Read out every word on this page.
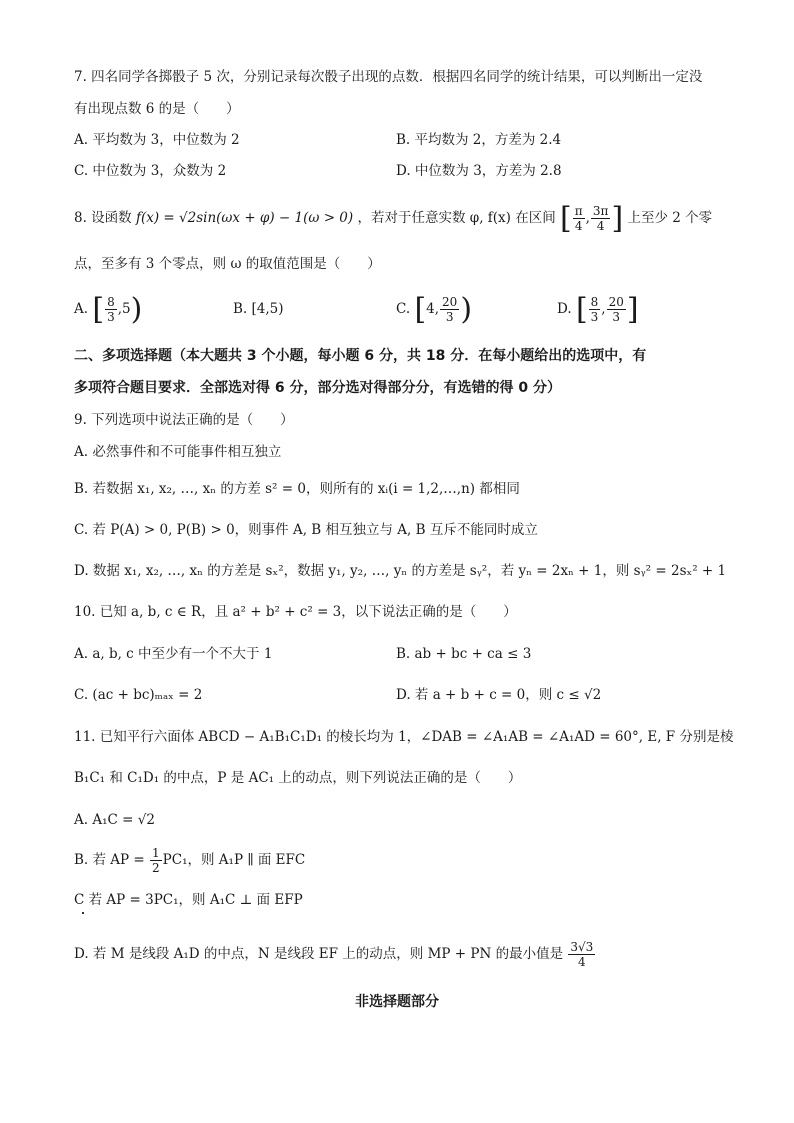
7. 四名同学各掷骰子 5 次，分别记录每次骰子出现的点数．根据四名同学的统计结果，可以判断出一定没
有出现点数 6 的是（　　）
A. 平均数为 3，中位数为 2	B. 平均数为 2，方差为 2.4
C. 中位数为 3，众数为 2	D. 中位数为 3，方差为 2.8
8. 设函数 f(x) = √2sin(ωx + φ) − 1(ω > 0) ，若对于任意实数 φ, f(x) 在区间 [ $\frac{\pi}{4}$ , $\frac{3\pi}{4}$ ] 上至少 2 个零
点，至多有 3 个零点，则 ω 的取值范围是（　　）
A. [ $\frac{8}{3} ,5$)	B. [4,5)	C. [4, $\frac{20}{3}$ )	D. [ $\frac{8}{3}$ , $\frac{20}{3}$ ]
二、多项选择题（本大题共 3 个小题，每小题 6 分，共 18 分．在每小题给出的选项中，有
多项符合题目要求．全部选对得 6 分，部分选对得部分分，有选错的得 0 分）
9. 下列选项中说法正确的是（　　）
A. 必然事件和不可能事件相互独立
B. 若数据 x₁, x₂, …, xₙ 的方差 s² = 0，则所有的 xᵢ(i = 1,2,…,n) 都相同
C. 若 P(A) > 0, P(B) > 0，则事件 A, B 相互独立与 A, B 互斥不能同时成立
D. 数据 x₁, x₂, …, xₙ 的方差是 sₓ²，数据 y₁, y₂, …, yₙ 的方差是 sᵧ²，若 yₙ = 2xₙ + 1，则 sᵧ² = 2sₓ² + 1
10. 已知 a, b, c ∈ R，且 a² + b² + c² = 3，以下说法正确的是（　　）
A. a, b, c 中至少有一个不大于 1	B. ab + bc + ca ≤ 3
C. (ac + bc)ₘₐₓ = 2	D. 若 a + b + c = 0，则 c ≤ √2
11. 已知平行六面体 ABCD − A₁B₁C₁D₁ 的棱长均为 1，∠DAB = ∠A₁AB = ∠A₁AD = 60°, E, F 分别是棱
B₁C₁ 和 C₁D₁ 的中点，P 是 AC₁ 上的动点，则下列说法正确的是（　　）
A. A₁C = √2
B. 若 AP = $\frac{1}{2} PC_1$，则 A₁P ∥ 面 EFC
C 若 AP = 3PC₁，则 A₁C ⊥ 面 EFP
D. 若 M 是线段 A₁D 的中点，N 是线段 EF 上的动点，则 MP + PN 的最小值是 $\frac{3√3}{4}$
非选择题部分
